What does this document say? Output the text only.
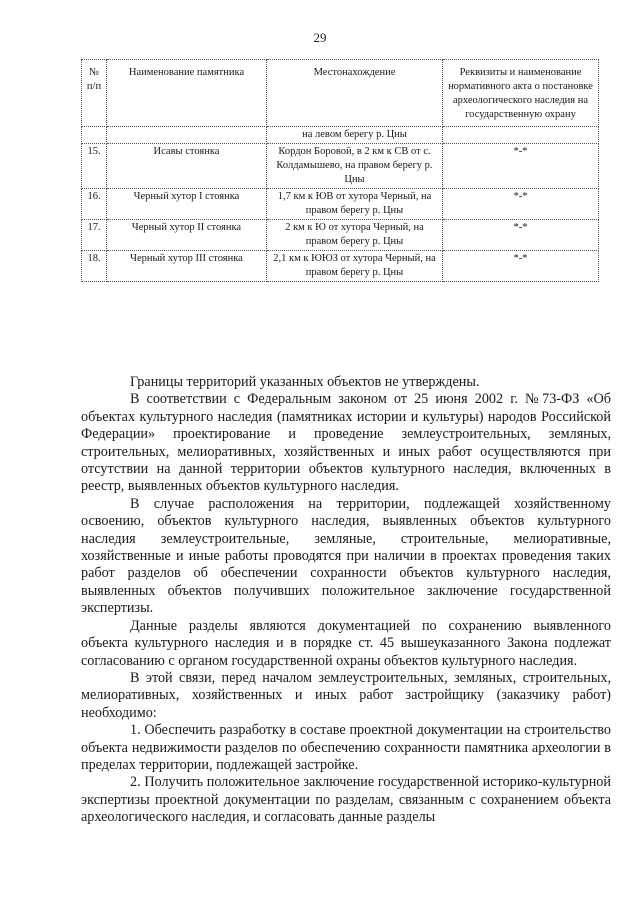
29
№ п/п	Наименование памятника	Местонахождение	Реквизиты и наименование нормативного акта о постановке археологического наследия на государственную охрану
		на левом берегу р. Цны	
15.	Исавы стоянка	Кордон Боровой, в 2 км к СВ от с. Колдамышево, на правом берегу р. Цны	*-*
16.	Черный хутор I стоянка	1,7 км к ЮВ от хутора Черный, на правом берегу р. Цны	*-*
17.	Черный хутор II стоянка	2 км к Ю от хутора Черный, на правом берегу р. Цны	*-*
18.	Черный хутор III стоянка	2,1 км к ЮЮЗ от хутора Черный, на правом берегу р. Цны	*-*

Границы территорий указанных объектов не утверждены.

В соответствии с Федеральным законом от 25 июня 2002 г. №73-ФЗ «Об объектах культурного наследия (памятниках истории и культуры) народов Российской Федерации» проектирование и проведение землеустроительных, земляных, строительных, мелиоративных, хозяйственных и иных работ осуществляются при отсутствии на данной территории объектов культурного наследия, включенных в реестр, выявленных объектов культурного наследия.

В случае расположения на территории, подлежащей хозяйственному освоению, объектов культурного наследия, выявленных объектов культурного наследия землеустроительные, земляные, строительные, мелиоративные, хозяйственные и иные работы проводятся при наличии в проектах проведения таких работ разделов об обеспечении сохранности объектов культурного наследия, выявленных объектов получивших положительное заключение государственной экспертизы.

Данные разделы являются документацией по сохранению выявленного объекта культурного наследия и в порядке ст. 45 вышеуказанного Закона подлежат согласованию с органом государственной охраны объектов культурного наследия.

В этой связи, перед началом землеустроительных, земляных, строительных, мелиоративных, хозяйственных и иных работ застройщику (заказчику работ) необходимо:

1. Обеспечить разработку в составе проектной документации на строительство объекта недвижимости разделов по обеспечению сохранности памятника археологии в пределах территории, подлежащей застройке.

2. Получить положительное заключение государственной историко-культурной экспертизы проектной документации по разделам, связанным с сохранением объекта археологического наследия, и согласовать данные разделы
